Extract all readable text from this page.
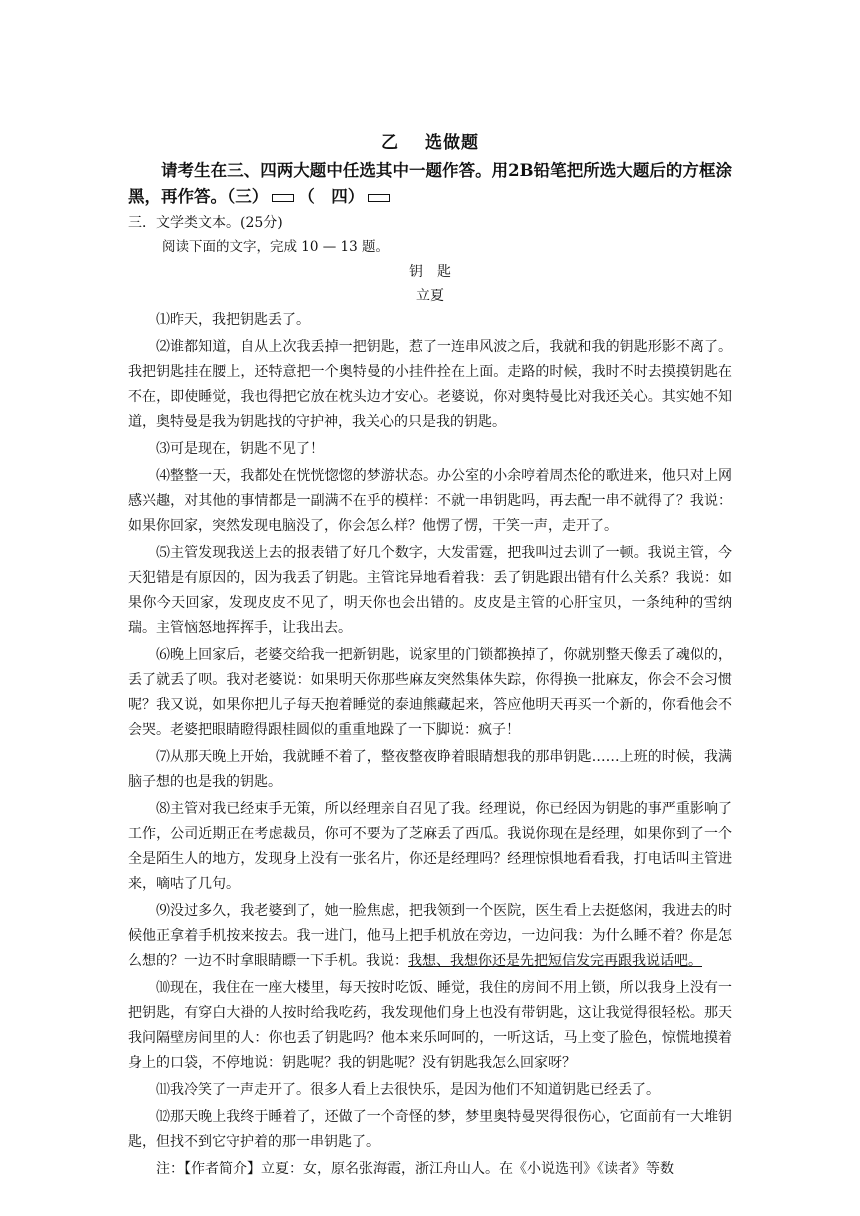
乙 选做题

请考生在三、四两大题中任选其中一题作答。用2B铅笔把所选大题后的方框涂黑，再作答。（三） （　四）

三．文学类文本。(25分)

阅读下面的文字，完成 10 — 13 题。

钥　匙

立夏

⑴昨天，我把钥匙丢了。

⑵谁都知道，自从上次我丢掉一把钥匙，惹了一连串风波之后，我就和我的钥匙形影不离了。我把钥匙挂在腰上，还特意把一个奥特曼的小挂件拴在上面。走路的时候，我时不时去摸摸钥匙在不在，即使睡觉，我也得把它放在枕头边才安心。老婆说，你对奥特曼比对我还关心。其实她不知道，奥特曼是我为钥匙找的守护神，我关心的只是我的钥匙。

⑶可是现在，钥匙不见了！

⑷整整一天，我都处在恍恍惚惚的梦游状态。办公室的小余哼着周杰伦的歌进来，他只对上网感兴趣，对其他的事情都是一副满不在乎的模样：不就一串钥匙吗，再去配一串不就得了？我说：如果你回家，突然发现电脑没了，你会怎么样？他愣了愣，干笑一声，走开了。

⑸主管发现我送上去的报表错了好几个数字，大发雷霆，把我叫过去训了一顿。我说主管，今天犯错是有原因的，因为我丢了钥匙。主管诧异地看着我：丢了钥匙跟出错有什么关系？我说：如果你今天回家，发现皮皮不见了，明天你也会出错的。皮皮是主管的心肝宝贝，一条纯种的雪纳瑞。主管恼怒地挥挥手，让我出去。

⑹晚上回家后，老婆交给我一把新钥匙，说家里的门锁都换掉了，你就别整天像丢了魂似的，丢了就丢了呗。我对老婆说：如果明天你那些麻友突然集体失踪，你得换一批麻友，你会不会习惯呢？我又说，如果你把儿子每天抱着睡觉的泰迪熊藏起来，答应他明天再买一个新的，你看他会不会哭。老婆把眼睛瞪得跟桂圆似的重重地跺了一下脚说：疯子！

⑺从那天晚上开始，我就睡不着了，整夜整夜睁着眼睛想我的那串钥匙……上班的时候，我满脑子想的也是我的钥匙。

⑻主管对我已经束手无策，所以经理亲自召见了我。经理说，你已经因为钥匙的事严重影响了工作，公司近期正在考虑裁员，你可不要为了芝麻丢了西瓜。我说你现在是经理，如果你到了一个全是陌生人的地方，发现身上没有一张名片，你还是经理吗？经理惊惧地看看我，打电话叫主管进来，嘀咕了几句。

⑼没过多久，我老婆到了，她一脸焦虑，把我领到一个医院，医生看上去挺悠闲，我进去的时候他正拿着手机按来按去。我一进门，他马上把手机放在旁边，一边问我：为什么睡不着？你是怎么想的？一边不时拿眼睛瞟一下手机。我说：我想、我想你还是先把短信发完再跟我说话吧。

⑽现在，我住在一座大楼里，每天按时吃饭、睡觉，我住的房间不用上锁，所以我身上没有一把钥匙，有穿白大褂的人按时给我吃药，我发现他们身上也没有带钥匙，这让我觉得很轻松。那天我问隔壁房间里的人：你也丢了钥匙吗？他本来乐呵呵的，一听这话，马上变了脸色，惊慌地摸着身上的口袋，不停地说：钥匙呢？我的钥匙呢？没有钥匙我怎么回家呀？

⑾我冷笑了一声走开了。很多人看上去很快乐，是因为他们不知道钥匙已经丢了。

⑿那天晚上我终于睡着了，还做了一个奇怪的梦，梦里奥特曼哭得很伤心，它面前有一大堆钥匙，但找不到它守护着的那一串钥匙了。

注：【作者简介】立夏：女，原名张海霞，浙江舟山人。在《小说选刊》《读者》等数
